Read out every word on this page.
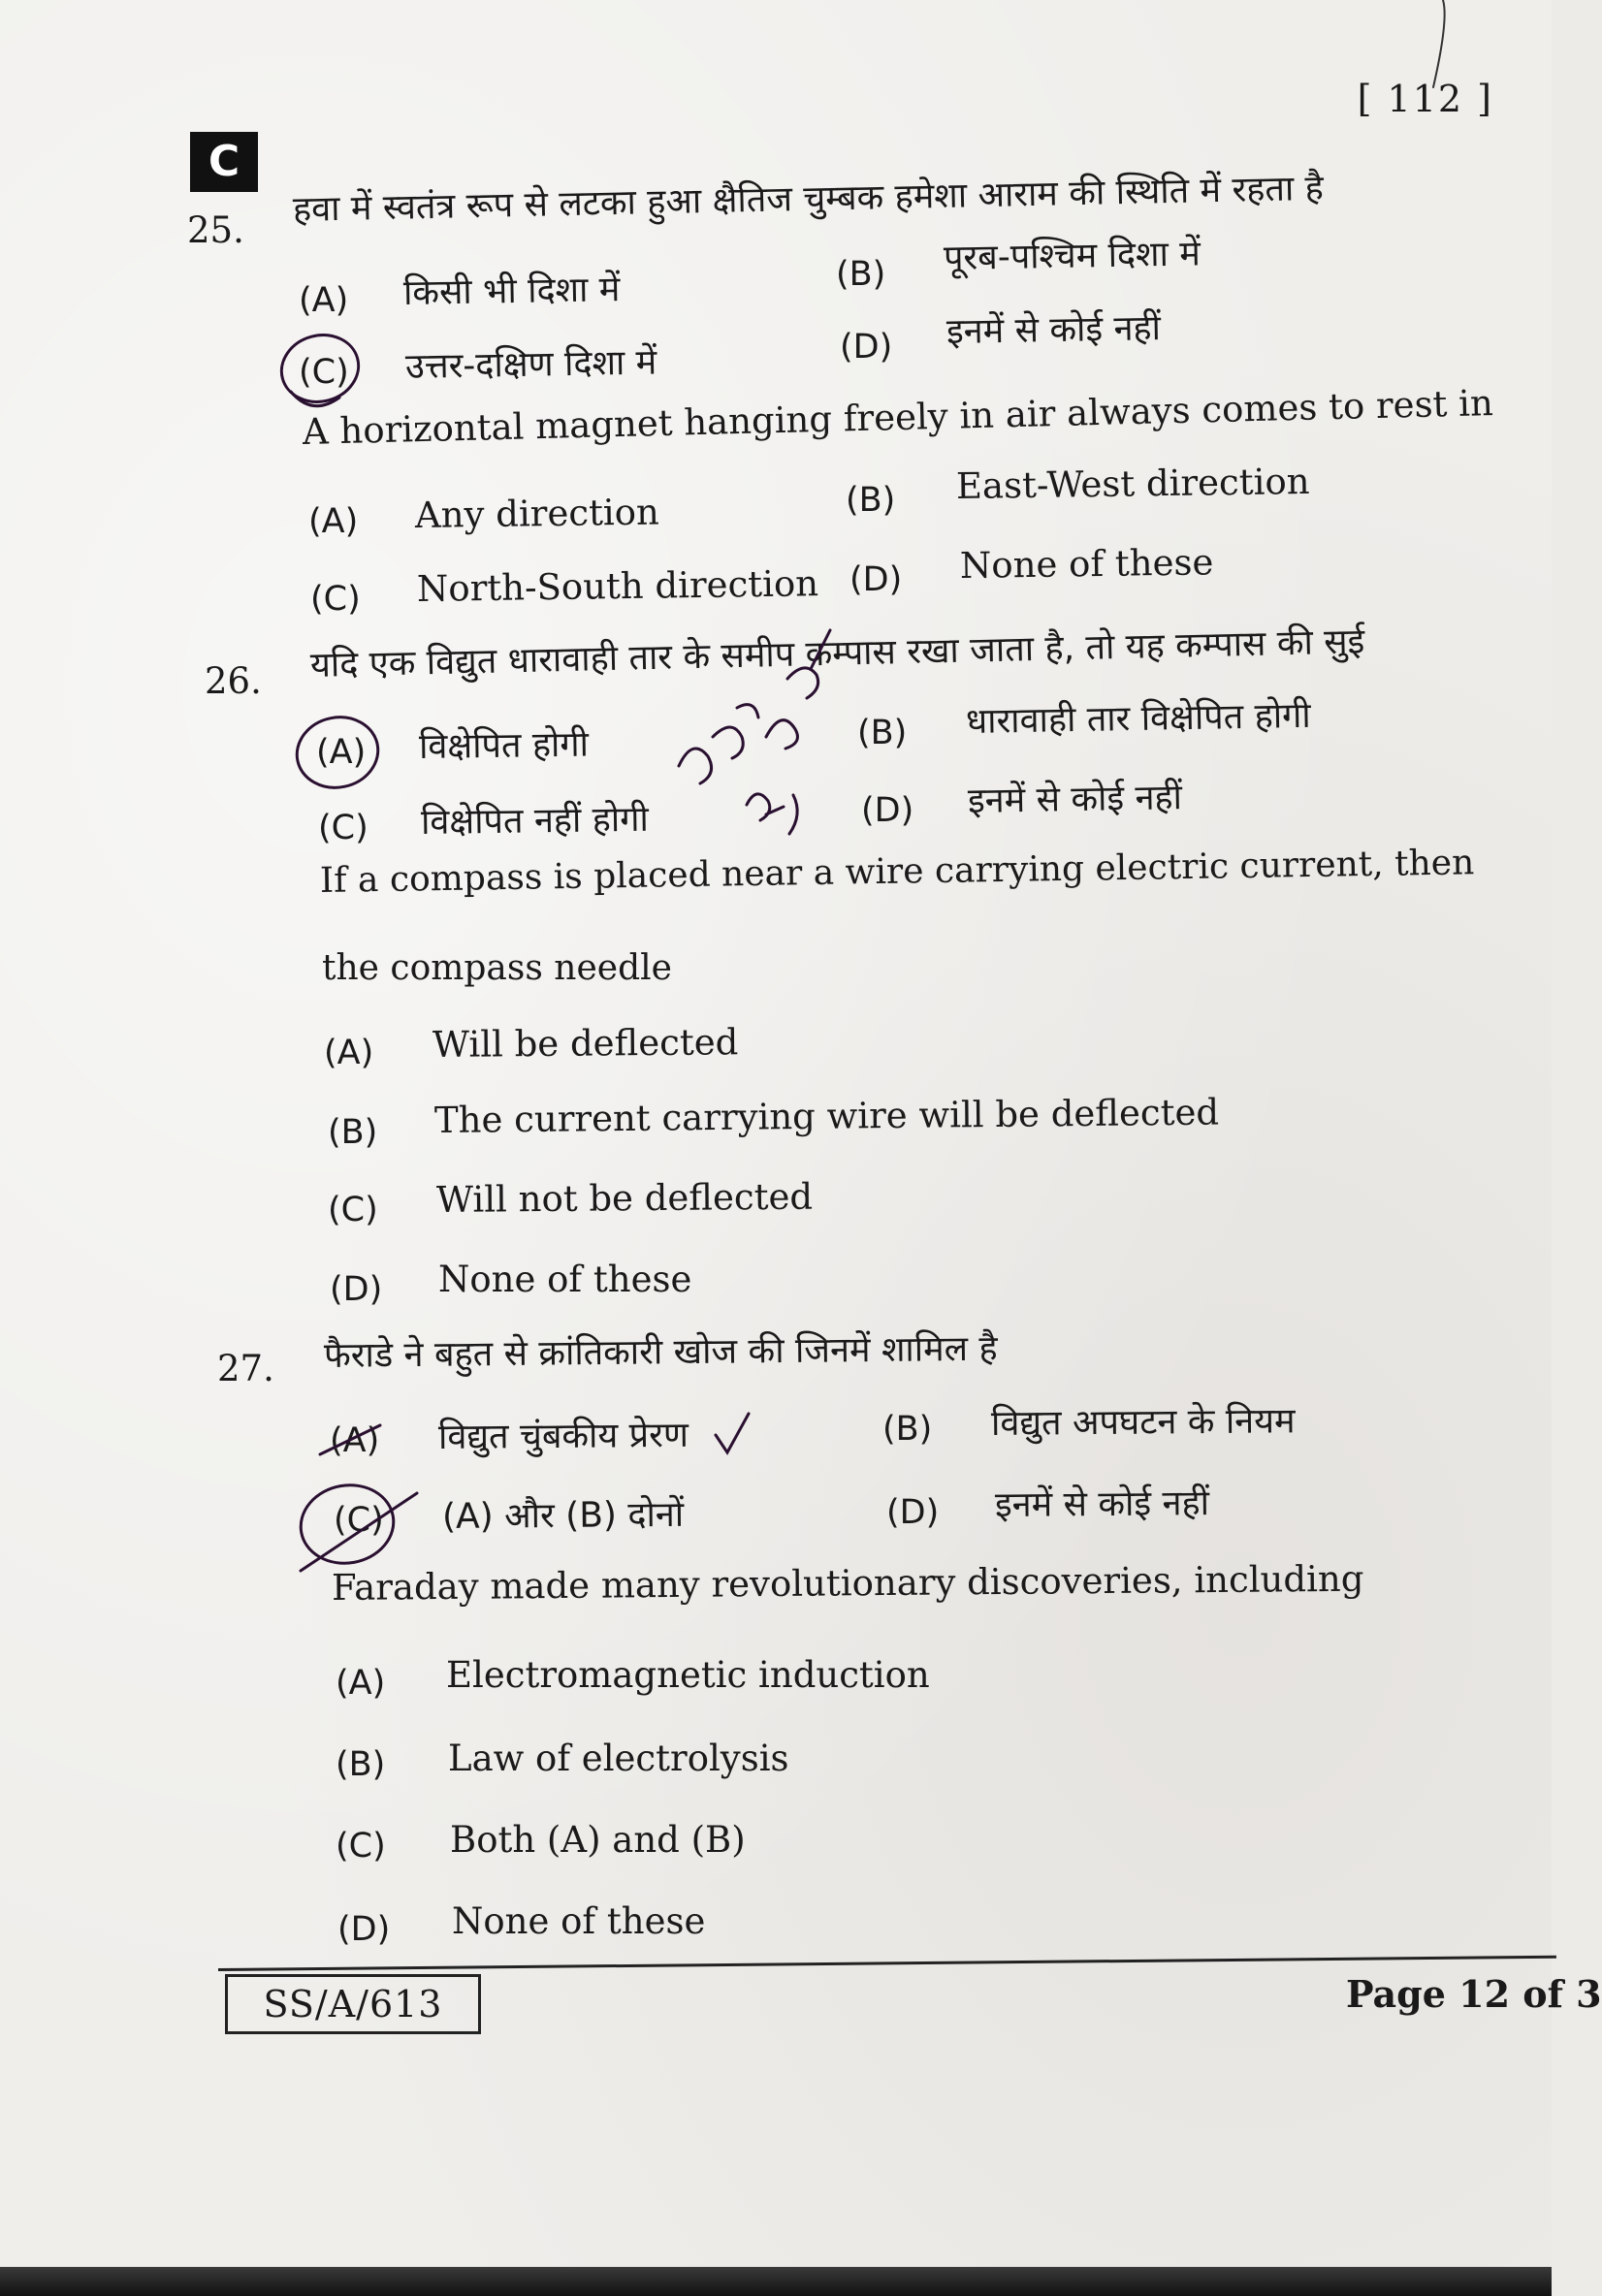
[ 112 ]
C
25.
हवा में स्वतंत्र रूप से लटका हुआ क्षैतिज चुम्बक हमेशा आराम की स्थिति में रहता है
(A) किसी भी दिशा में	(B) पूरब-पश्चिम दिशा में
(C) उत्तर-दक्षिण दिशा में	(D) इनमें से कोई नहीं
A horizontal magnet hanging freely in air always comes to rest in
(A) Any direction	(B) East-West direction
(C) North-South direction (D) None of these
26. यदि एक विद्युत धारावाही तार के समीप कम्पास रखा जाता है, तो यह कम्पास की सुई
(A) विक्षेपित होगी	(B) धारावाही तार विक्षेपित होगी
(C) विक्षेपित नहीं होगी	(D) इनमें से कोई नहीं
If a compass is placed near a wire carrying electric current, then
the compass needle
(A) Will be deflected
(B) The current carrying wire will be deflected
(C) Will not be deflected
(D) None of these
27. फैराडे ने बहुत से क्रांतिकारी खोज की जिनमें शामिल है
(A) विद्युत चुंबकीय प्रेरण	(B) विद्युत अपघटन के नियम
(C) (A) और (B) दोनों	(D) इनमें से कोई नहीं
Faraday made many revolutionary discoveries, including
(A) Electromagnetic induction
(B) Law of electrolysis
(C) Both (A) and (B)
(D) None of these
SS/A/613	Page 12 of 3
